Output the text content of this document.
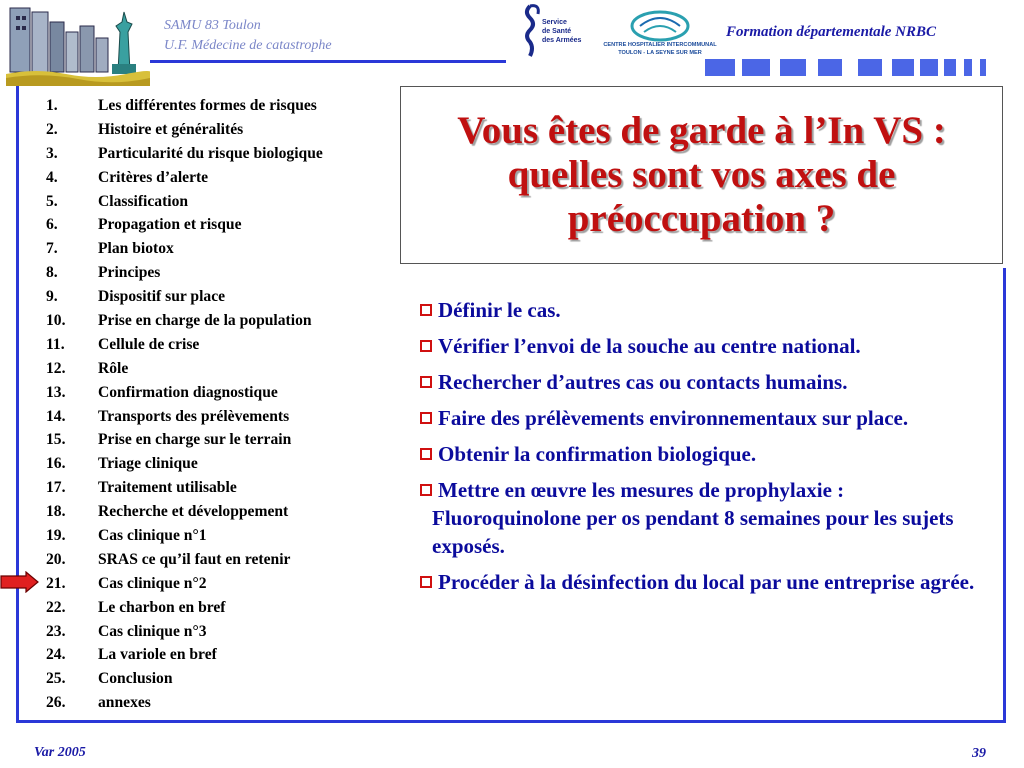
SAMU 83 Toulon
U.F. Médecine de catastrophe
Service
de Santé
des Armées
CENTRE HOSPITALIER INTERCOMMUNAL
TOULON - LA SEYNE SUR MER
Formation départementale NRBC
1.	Les différentes formes de risques
2.	Histoire et généralités
3.	Particularité du risque biologique
4.	Critères d’alerte
5.	Classification
6.	Propagation et risque
7.	Plan biotox
8.	Principes
9.	Dispositif sur place
10.	Prise en charge de la population
11.	Cellule de crise
12.	Rôle
13.	Confirmation diagnostique
14.	Transports des prélèvements
15.	Prise en charge sur le terrain
16.	Triage clinique
17.	Traitement utilisable
18.	Recherche et développement
19.	Cas clinique n°1
20.	SRAS ce qu’il faut en retenir
21.	Cas clinique n°2
22.	Le charbon en bref
23.	Cas clinique n°3
24.	La variole en bref
25.	Conclusion
26.	annexes
Vous êtes de garde à l’In VS : quelles sont vos axes de préoccupation ?
Définir le cas.
Vérifier l’envoi de la souche au centre national.
Rechercher d’autres cas ou contacts humains.
Faire des prélèvements environnementaux sur place.
Obtenir la confirmation biologique.
Mettre en œuvre les mesures de prophylaxie : Fluoroquinolone per os pendant 8 semaines pour les sujets exposés.
Procéder à la désinfection du local par une entreprise agrée.
Var 2005	39
